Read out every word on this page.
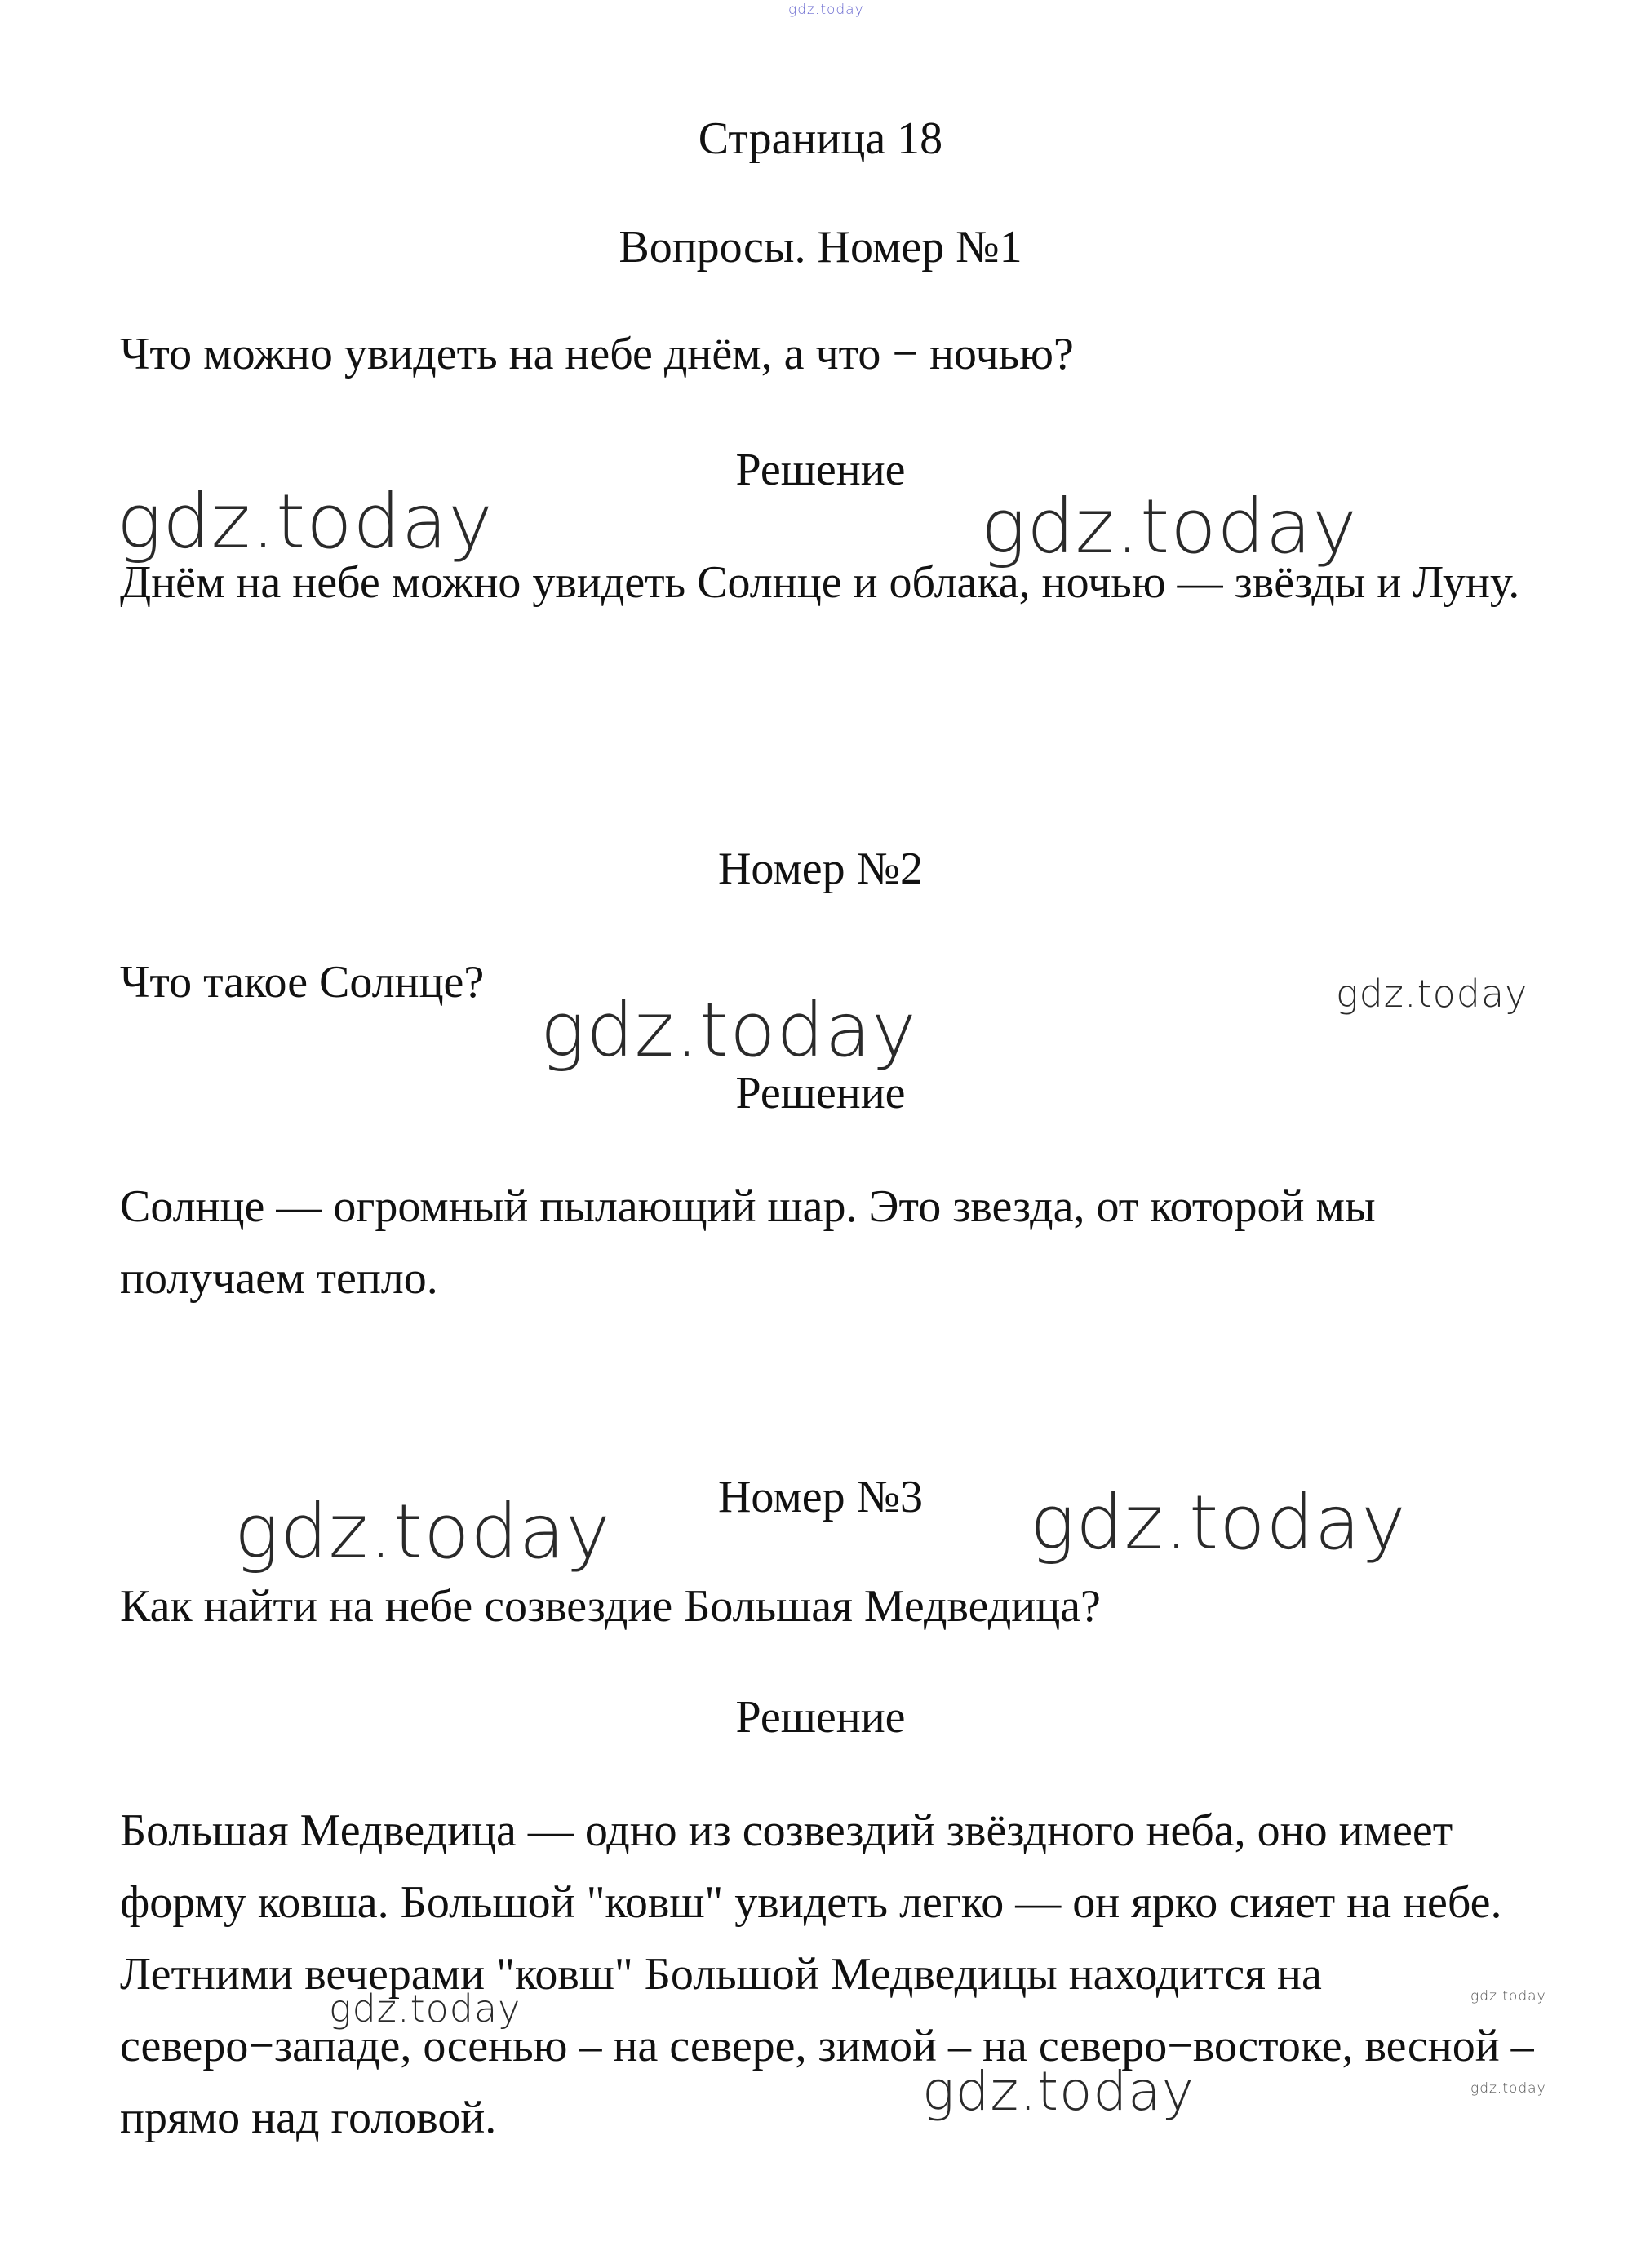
gdz.today
Страница 18
Вопросы. Номер №1
Что можно увидеть на небе днём, а что − ночью?
Решение
Днём на небе можно увидеть Солнце и облака, ночью — звёзды и Луну.
Номер №2
Что такое Солнце?
Решение
Солнце — огромный пылающий шар. Это звезда, от которой мы получаем тепло.
Номер №3
Как найти на небе созвездие Большая Медведица?
Решение
Большая Медведица — одно из созвездий звёздного неба, оно имеет форму ковша. Большой "ковш" увидеть легко — он ярко сияет на небе. Летними вечерами "ковш" Большой Медведицы находится на северо−западе, осенью – на севере, зимой – на северо−востоке, весной – прямо над головой.
gdz.today	gdz.today
gdz.today
gdz.today
gdz.today	gdz.today
gdz.today	gdz.today
gdz.today	gdz.today
